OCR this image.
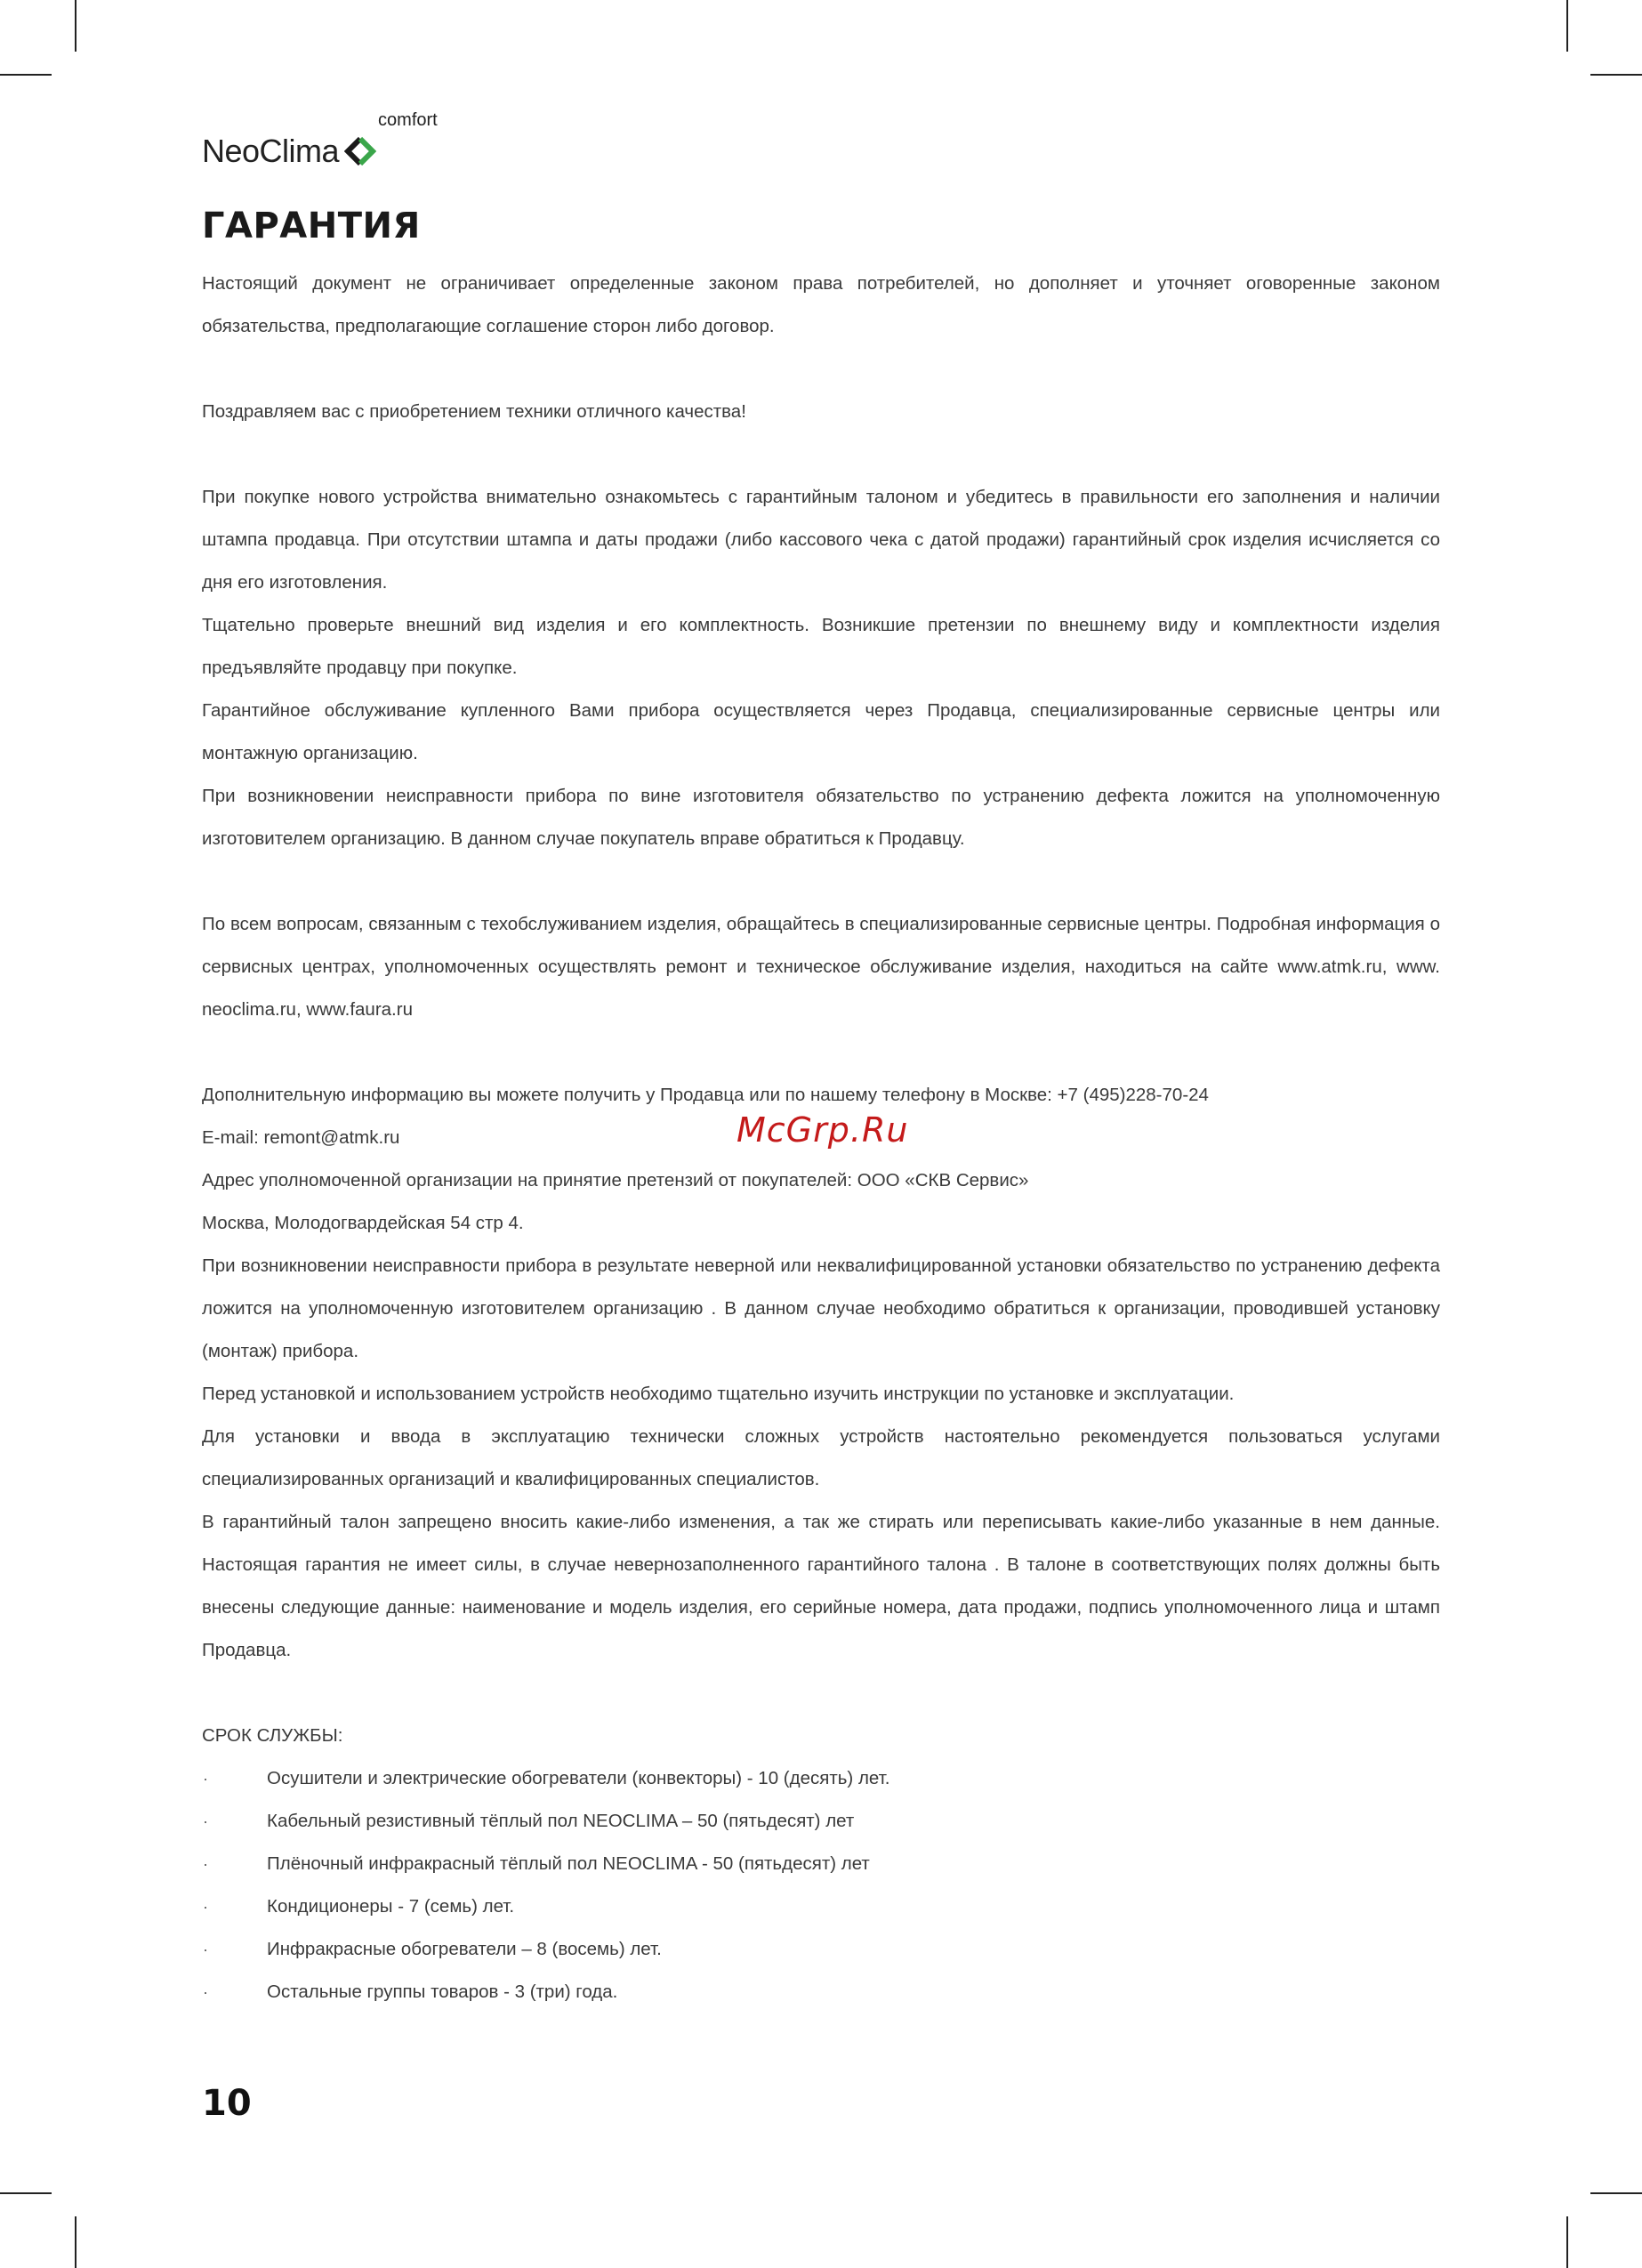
NeoClima
comfort
ГАРАНТИЯ

Настоящий документ не ограничивает определенные законом права потребителей, но дополняет и уточняет оговоренные законом обязательства, предполагающие соглашение сторон либо договор.

Поздравляем вас с приобретением техники отличного качества!

При покупке нового устройства внимательно ознакомьтесь с гарантийным талоном и убедитесь в правильности его заполнения и наличии штампа продавца. При отсутствии штампа и даты продажи (либо кассового чека с датой продажи) гарантийный срок изделия исчисляется со дня его изготовления.

Тщательно проверьте внешний вид изделия и его комплектность. Возникшие претензии по внешнему виду и комплектности изделия предъявляйте продавцу при покупке.

Гарантийное обслуживание купленного Вами прибора осуществляется через Продавца, специализированные сервисные центры или монтажную организацию.

При возникновении неисправности прибора по вине изготовителя обязательство по устранению дефекта ложится на уполномоченную изготовителем организацию. В данном случае покупатель вправе обратиться к Продавцу.

По всем вопросам, связанным с техобслуживанием изделия, обращайтесь в специализированные сервисные центры. Подробная информация о сервисных центрах, уполномоченных осуществлять ремонт и техническое обслуживание изделия, находиться на сайте www.atmk.ru, www. neoclima.ru, www.faura.ru

Дополнительную информацию вы можете получить у Продавца или по нашему телефону в Москве: +7 (495)228-70-24

E-mail: remont@atmk.ru

Адрес уполномоченной организации на принятие претензий от покупателей: ООО «СКВ Сервис»

Москва, Молодогвардейская 54 стр 4.

При возникновении неисправности прибора в результате неверной или неквалифицированной установки обязательство по устранению дефекта ложится на уполномоченную изготовителем организацию . В данном случае необходимо обратиться к организации, проводившей установку (монтаж) прибора.

Перед установкой и использованием устройств необходимо тщательно изучить инструкции по установке и эксплуатации.

Для установки и ввода в эксплуатацию технически сложных устройств настоятельно рекомендуется пользоваться услугами специализированных организаций и квалифицированных специалистов.

В гарантийный талон запрещено вносить какие-либо изменения, а так же стирать или переписывать какие-либо указанные в нем данные. Настоящая гарантия не имеет силы, в случае невернозаполненного гарантийного талона . В талоне в соответствующих полях должны быть внесены следующие данные: наименование и модель изделия, его серийные номера, дата продажи, подпись уполномоченного лица и штамп Продавца.

СРОК СЛУЖБЫ:

·	Осушители и электрические обогреватели (конвекторы) - 10 (десять) лет.
·	Кабельный резистивный тёплый пол NEOCLIMA – 50 (пятьдесят) лет
·	Плёночный инфракрасный тёплый пол NEOCLIMA - 50 (пятьдесят) лет
·	Кондиционеры - 7 (семь) лет.
·	Инфракрасные обогреватели – 8 (восемь) лет.
·	Остальные группы товаров - 3 (три) года.
McGrp.Ru
10
